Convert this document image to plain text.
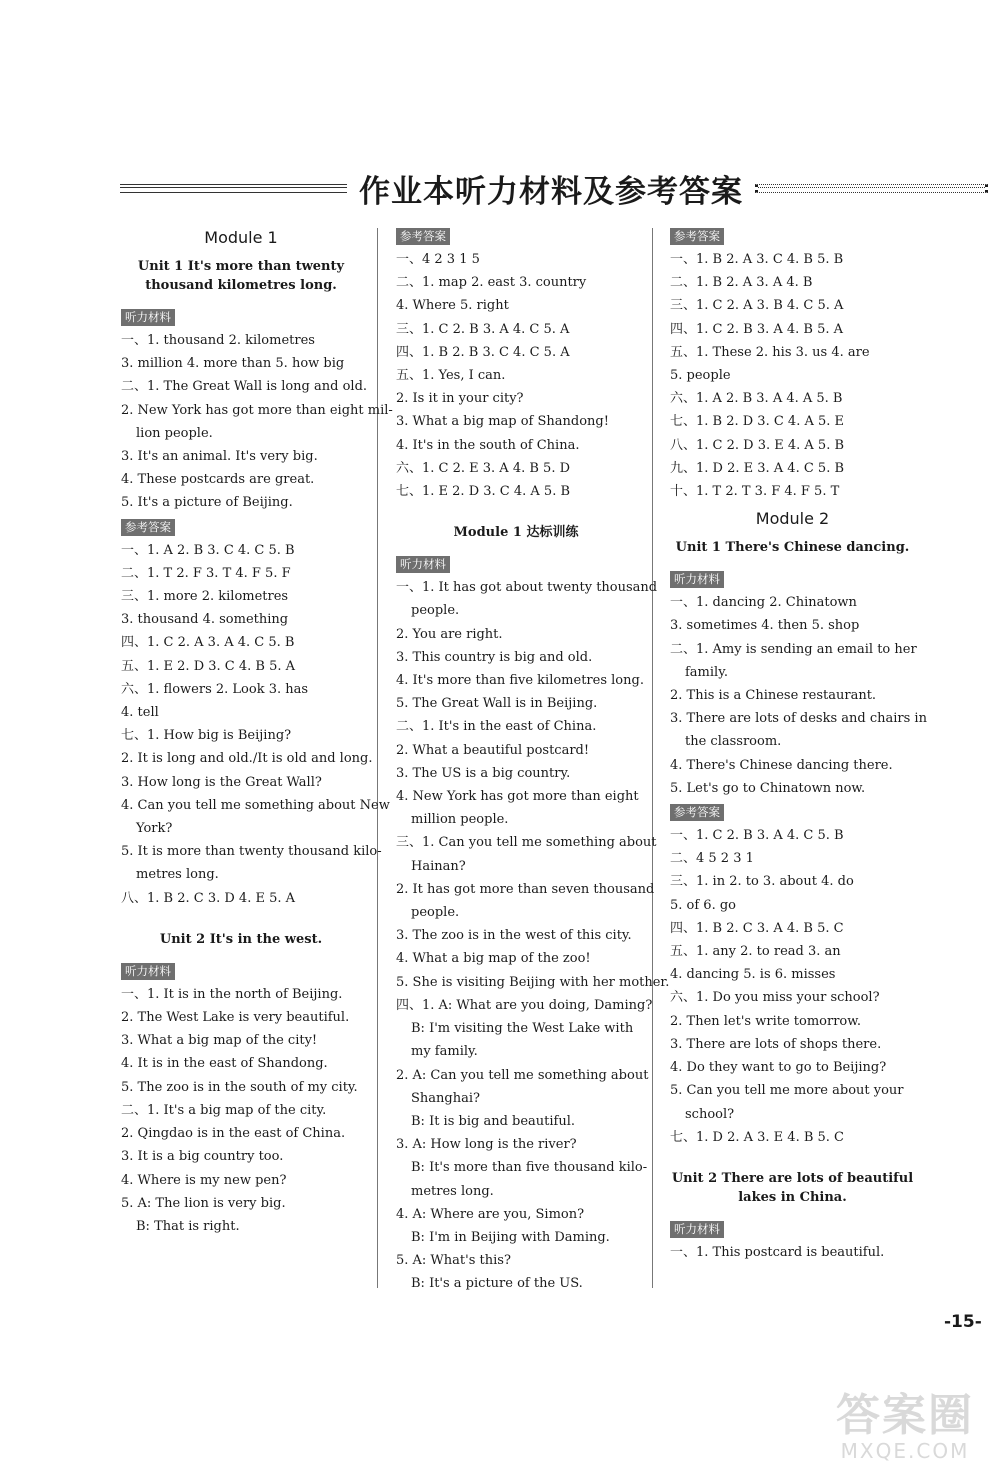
作业本听力材料及参考答案
Module 1
Unit 1 It's more than twenty thousand kilometres long.
听力材料
一、1. thousand 2. kilometres
3. million 4. more than 5. how big
二、1. The Great Wall is long and old.
2. New York has got more than eight mil-
lion people.
3. It's an animal. It's very big.
4. These postcards are great.
5. It's a picture of Beijing.
参考答案
一、1. A 2. B 3. C 4. C 5. B
二、1. T 2. F 3. T 4. F 5. F
三、1. more 2. kilometres
3. thousand 4. something
四、1. C 2. A 3. A 4. C 5. B
五、1. E 2. D 3. C 4. B 5. A
六、1. flowers 2. Look 3. has
4. tell
七、1. How big is Beijing?
2. It is long and old./It is old and long.
3. How long is the Great Wall?
4. Can you tell me something about New
York?
5. It is more than twenty thousand kilo-
metres long.
八、1. B 2. C 3. D 4. E 5. A
Unit 2 It's in the west.
听力材料
一、1. It is in the north of Beijing.
2. The West Lake is very beautiful.
3. What a big map of the city!
4. It is in the east of Shandong.
5. The zoo is in the south of my city.
二、1. It's a big map of the city.
2. Qingdao is in the east of China.
3. It is a big country too.
4. Where is my new pen?
5. A: The lion is very big.
B: That is right.
参考答案
一、4 2 3 1 5
二、1. map 2. east 3. country
4. Where 5. right
三、1. C 2. B 3. A 4. C 5. A
四、1. B 2. B 3. C 4. C 5. A
五、1. Yes, I can.
2. Is it in your city?
3. What a big map of Shandong!
4. It's in the south of China.
六、1. C 2. E 3. A 4. B 5. D
七、1. E 2. D 3. C 4. A 5. B
Module 1 达标训练
听力材料
一、1. It has got about twenty thousand
people.
2. You are right.
3. This country is big and old.
4. It's more than five kilometres long.
5. The Great Wall is in Beijing.
二、1. It's in the east of China.
2. What a beautiful postcard!
3. The US is a big country.
4. New York has got more than eight
million people.
三、1. Can you tell me something about
Hainan?
2. It has got more than seven thousand
people.
3. The zoo is in the west of this city.
4. What a big map of the zoo!
5. She is visiting Beijing with her mother.
四、1. A: What are you doing, Daming?
B: I'm visiting the West Lake with
my family.
2. A: Can you tell me something about
Shanghai?
B: It is big and beautiful.
3. A: How long is the river?
B: It's more than five thousand kilo-
metres long.
4. A: Where are you, Simon?
B: I'm in Beijing with Daming.
5. A: What's this?
B: It's a picture of the US.
参考答案
一、1. B 2. A 3. C 4. B 5. B
二、1. B 2. A 3. A 4. B
三、1. C 2. A 3. B 4. C 5. A
四、1. C 2. B 3. A 4. B 5. A
五、1. These 2. his 3. us 4. are
5. people
六、1. A 2. B 3. A 4. A 5. B
七、1. B 2. D 3. C 4. A 5. E
八、1. C 2. D 3. E 4. A 5. B
九、1. D 2. E 3. A 4. C 5. B
十、1. T 2. T 3. F 4. F 5. T
Module 2
Unit 1 There's Chinese dancing.
听力材料
一、1. dancing 2. Chinatown
3. sometimes 4. then 5. shop
二、1. Amy is sending an email to her
family.
2. This is a Chinese restaurant.
3. There are lots of desks and chairs in
the classroom.
4. There's Chinese dancing there.
5. Let's go to Chinatown now.
参考答案
一、1. C 2. B 3. A 4. C 5. B
二、4 5 2 3 1
三、1. in 2. to 3. about 4. do
5. of 6. go
四、1. B 2. C 3. A 4. B 5. C
五、1. any 2. to read 3. an
4. dancing 5. is 6. misses
六、1. Do you miss your school?
2. Then let's write tomorrow.
3. There are lots of shops there.
4. Do they want to go to Beijing?
5. Can you tell me more about your
school?
七、1. D 2. A 3. E 4. B 5. C
Unit 2 There are lots of beautiful lakes in China.
听力材料
一、1. This postcard is beautiful.
-15-
答案圈
MXQE.COM
